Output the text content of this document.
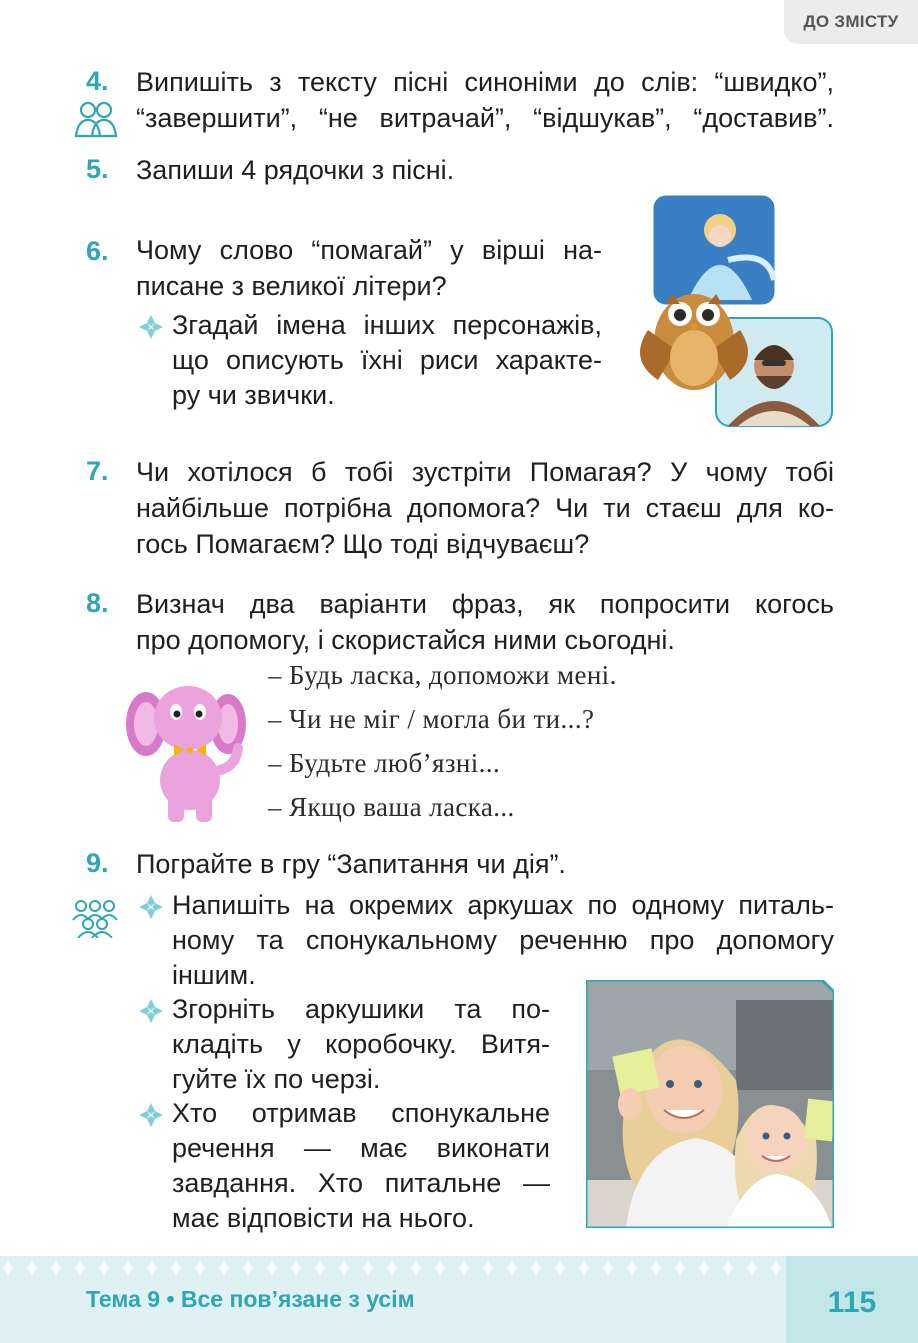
ДО ЗМІСТУ
4. Випишіть з тексту пісні синоніми до слів: “швидко”,
“завершити”, “не витрачай”, “відшукав”, “доставив”.
5. Запиши 4 рядочки з пісні.
6. Чому слово “помагай” у вірші на-
писане з великої літери?
Згадай імена інших персонажів,
що описують їхні риси характе-
ру чи звички.
7. Чи хотілося б тобі зустріти Помагая? У чому тобі
найбільше потрібна допомога? Чи ти стаєш для ко-
гось Помагаєм? Що тоді відчуваєш?
8. Визнач два варіанти фраз, як попросити когось
про допомогу, і скористайся ними сьогодні.
– Будь ласка, допоможи мені.
– Чи не міг / могла би ти...?
– Будьте люб’язні...
– Якщо ваша ласка...
9. Пограйте в гру “Запитання чи дія”.
Напишіть на окремих аркушах по одному питаль-
ному та спонукальному реченню про допомогу
іншим.
Згорніть аркушики та по-
кладіть у коробочку. Витя-
гуйте їх по черзі.
Хто отримав спонукальне
речення — має виконати
завдання. Хто питальне —
має відповісти на нього.
Тема 9 • Все пов’язане з усім	115
